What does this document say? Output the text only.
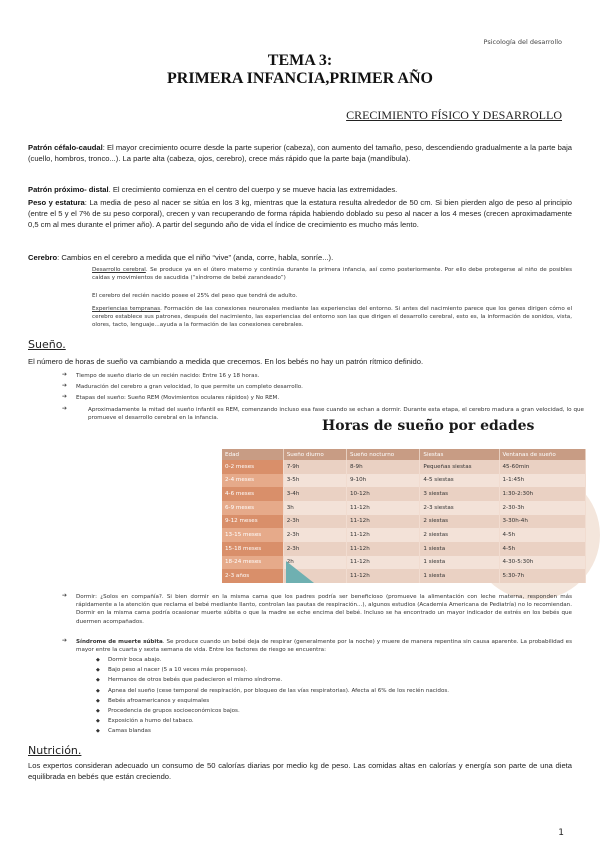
Psicología del desarrollo
TEMA 3:
PRIMERA INFANCIA,PRIMER AÑO
CRECIMIENTO FÍSICO Y DESARROLLO
Patrón céfalo-caudal: El mayor crecimiento ocurre desde la parte superior (cabeza), con aumento del tamaño, peso, descendiendo gradualmente a la parte baja (cuello, hombros, tronco...). La parte alta (cabeza, ojos, cerebro), crece más rápido que la parte baja (mandíbula).
Patrón próximo- distal. El crecimiento comienza en el centro del cuerpo y se mueve hacia las extremidades.
Peso y estatura: La media de peso al nacer se sitúa en los 3 kg, mientras que la estatura resulta alrededor de 50 cm. Si bien pierden algo de peso al principio (entre el 5 y el 7% de su peso corporal), crecen y van recuperando de forma rápida habiendo doblado su peso al nacer a los 4 meses (crecen aproximadamente 0,5 cm al mes durante el primer año). A partir del segundo año de vida el índice de crecimiento es mucho más lento.
Cerebro: Cambios en el cerebro a medida que el niño “vive” (anda, corre, habla, sonríe...).
Desarrollo cerebral. Se produce ya en el útero materno y continúa durante la primera infancia, así como posteriormente. Por ello debe protegerse al niño de posibles caídas y movimientos de sacudida (“síndrome de bebé zarandeado”)
El cerebro del recién nacido posee el 25% del peso que tendrá de adulto.
Experiencias tempranas. Formación de las conexiones neuronales mediante las experiencias del entorno. Si antes del nacimiento parece que los genes dirigen cómo el cerebro establece sus patrones, después del nacimiento, las experiencias del entorno son las que dirigen el desarrollo cerebral, esto es, la información de sonidos, vista, olores, tacto, lenguaje...ayuda a la formación de las conexiones cerebrales.
Sueño.
El número de horas de sueño va cambiando a medida que crecemos. En los bebés no hay un patrón rítmico definido.
➔ Tiempo de sueño diario de un recién nacido: Entre 16 y 18 horas.
➔ Maduración del cerebro a gran velocidad, lo que permite un completo desarrollo.
➔ Etapas del sueño: Sueño REM (Movimientos oculares rápidos) y No REM.
➔	Aproximadamente la mitad del sueño infantil es REM, comenzando incluso esa fase cuando se echan a dormir. Durante esta etapa, el cerebro madura a gran velocidad, lo que promueve el desarrollo cerebral en la infancia.	Horas de sueño por edades
Edad	Sueño diurno	Sueño nocturno	Siestas	Ventanas de sueño
0-2 meses	7-9h	8-9h	Pequeñas siestas	45-60min
2-4 meses	3-5h	9-10h	4-5 siestas	1-1:45h
4-6 meses	3-4h	10-12h	3 siestas	1:30-2:30h
6-9 meses	3h	11-12h	2-3 siestas	2-30-3h
9-12 meses	2-3h	11-12h	2 siestas	3-30h-4h
13-15 meses	2-3h	11-12h	2 siestas	4-5h
15-18 meses	2-3h	11-12h	1 siesta	4-5h
18-24 meses	2h	11-12h	1 siesta	4-30-5:30h
2-3 años	1-2h	11-12h	1 siesta	5:30-7h
➔ Dormir: ¿Solos en compañía?. Si bien dormir en la misma cama que los padres podría ser beneficioso (promueve la alimentación con leche materna, responden más rápidamente a la atención que reclama el bebé mediante llanto, controlan las pautas de respiración...), algunos estudios (Academia Americana de Pediatría) no lo recomiendan. Dormir en la misma cama podría ocasionar muerte súbita o que la madre se eche encima del bebé. Incluso se ha encontrado un mayor indicador de estrés en los bebés que duermen acompañados.
➔ Síndrome de muerte súbita. Se produce cuando un bebé deja de respirar (generalmente por la noche) y muere de manera repentina sin causa aparente. La probabilidad es mayor entre la cuarta y sexta semana de vida. Entre los factores de riesgo se encuentra:
◆ Dormir boca abajo.
◆ Bajo peso al nacer (5 a 10 veces más propensos).
◆ Hermanos de otros bebés que padecieron el mismo síndrome.
◆ Apnea del sueño (cese temporal de respiración, por bloqueo de las vías respiratorias). Afecta al 6% de los recién nacidos.
◆ Bebés afroamericanos y esquimales
◆ Procedencia de grupos socioeconómicos bajos.
◆ Exposición a humo del tabaco.
◆ Camas blandas
Nutrición.
Los expertos consideran adecuado un consumo de 50 calorías diarias por medio kg de peso. Las comidas altas en calorías y energía son parte de una dieta equilibrada en bebés que están creciendo.
1
